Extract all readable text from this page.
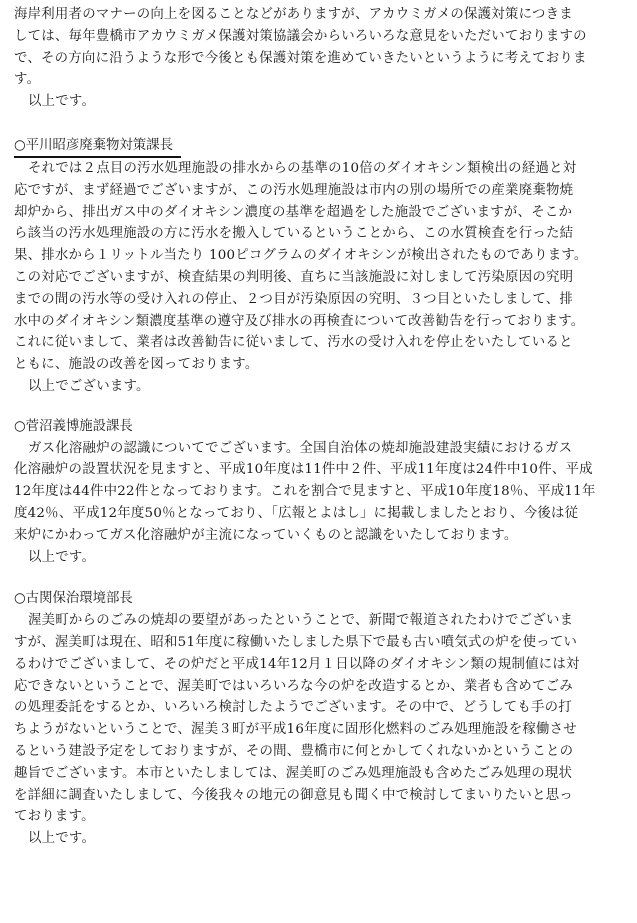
海岸利用者のマナーの向上を図ることなどがありますが、アカウミガメの保護対策につきま
しては、毎年豊橋市アカウミガメ保護対策協議会からいろいろな意見をいただいておりますの
で、その方向に沿うような形で今後とも保護対策を進めていきたいというように考えておりま
す。
以上です。
○平川昭彦廃棄物対策課長
それでは２点目の汚水処理施設の排水からの基準の10倍のダイオキシン類検出の経過と対
応ですが、まず経過でございますが、この汚水処理施設は市内の別の場所での産業廃棄物焼
却炉から、排出ガス中のダイオキシン濃度の基準を超過をした施設でございますが、そこか
ら該当の汚水処理施設の方に汚水を搬入しているということから、この水質検査を行った結
果、排水から１リットル当たり 100ピコグラムのダイオキシンが検出されたものであります。
この対応でございますが、検査結果の判明後、直ちに当該施設に対しまして汚染原因の究明
までの間の汚水等の受け入れの停止、２つ目が汚染原因の究明、３つ目といたしまして、排
水中のダイオキシン類濃度基準の遵守及び排水の再検査について改善勧告を行っております。
これに従いまして、業者は改善勧告に従いまして、汚水の受け入れを停止をいたしていると
ともに、施設の改善を図っております。
以上でございます。
○菅沼義博施設課長
ガス化溶融炉の認識についてでございます。全国自治体の焼却施設建設実績におけるガス
化溶融炉の設置状況を見ますと、平成10年度は11件中２件、平成11年度は24件中10件、平成
12年度は44件中22件となっております。これを割合で見ますと、平成10年度18％、平成11年
度42％、平成12年度50％となっており、「広報とよはし」に掲載しましたとおり、今後は従
来炉にかわってガス化溶融炉が主流になっていくものと認識をいたしております。
以上です。
○古関保治環境部長
渥美町からのごみの焼却の要望があったということで、新聞で報道されたわけでございま
すが、渥美町は現在、昭和51年度に稼働いたしました県下で最も古い噴気式の炉を使ってい
るわけでございまして、その炉だと平成14年12月１日以降のダイオキシン類の規制値には対
応できないということで、渥美町ではいろいろな今の炉を改造するとか、業者も含めてごみ
の処理委託をするとか、いろいろ検討したようでございます。その中で、どうしても手の打
ちようがないということで、渥美３町が平成16年度に固形化燃料のごみ処理施設を稼働させ
るという建設予定をしておりますが、その間、豊橋市に何とかしてくれないかということの
趣旨でございます。本市といたしましては、渥美町のごみ処理施設も含めたごみ処理の現状
を詳細に調査いたしまして、今後我々の地元の御意見も聞く中で検討してまいりたいと思っ
ております。
以上です。
